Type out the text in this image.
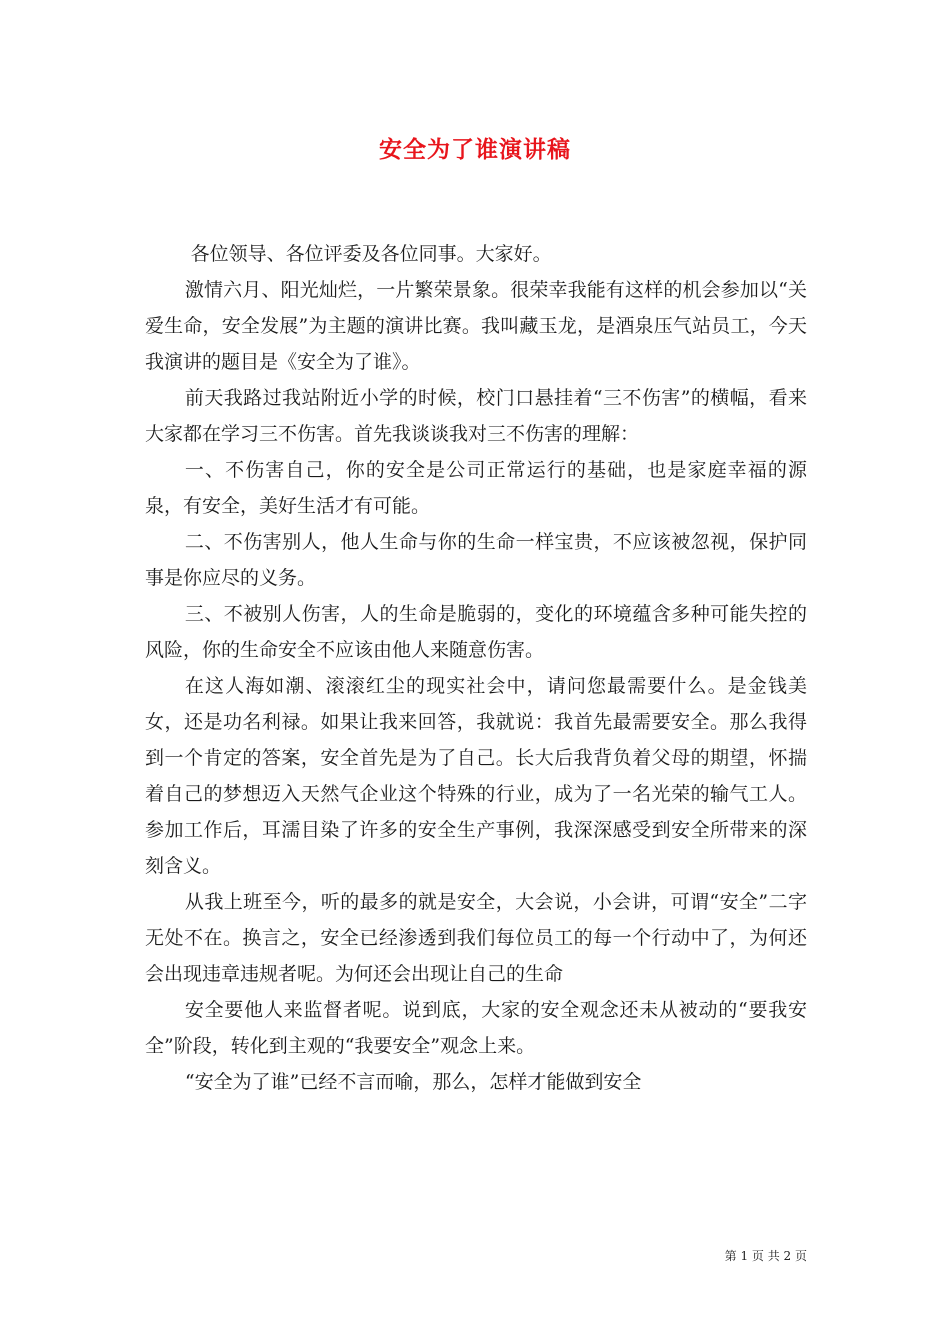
安全为了谁演讲稿

各位领导、各位评委及各位同事。大家好。

激情六月、阳光灿烂，一片繁荣景象。很荣幸我能有这样的机会参加以“关爱生命，安全发展”为主题的演讲比赛。我叫藏玉龙，是酒泉压气站员工，今天我演讲的题目是《安全为了谁》。

前天我路过我站附近小学的时候，校门口悬挂着“三不伤害”的横幅，看来大家都在学习三不伤害。首先我谈谈我对三不伤害的理解：

一、不伤害自己，你的安全是公司正常运行的基础，也是家庭幸福的源泉，有安全，美好生活才有可能。

二、不伤害别人，他人生命与你的生命一样宝贵，不应该被忽视，保护同事是你应尽的义务。

三、不被别人伤害，人的生命是脆弱的，变化的环境蕴含多种可能失控的风险，你的生命安全不应该由他人来随意伤害。

在这人海如潮、滚滚红尘的现实社会中，请问您最需要什么。是金钱美女，还是功名利禄。如果让我来回答，我就说：我首先最需要安全。那么我得到一个肯定的答案，安全首先是为了自己。长大后我背负着父母的期望，怀揣着自己的梦想迈入天然气企业这个特殊的行业，成为了一名光荣的输气工人。参加工作后，耳濡目染了许多的安全生产事例，我深深感受到安全所带来的深刻含义。

从我上班至今，听的最多的就是安全，大会说，小会讲，可谓“安全”二字无处不在。换言之，安全已经渗透到我们每位员工的每一个行动中了，为何还会出现违章违规者呢。为何还会出现让自己的生命

安全要他人来监督者呢。说到底，大家的安全观念还未从被动的“要我安全”阶段，转化到主观的“我要安全”观念上来。

“安全为了谁”已经不言而喻，那么，怎样才能做到安全

第 1 页 共 2 页
